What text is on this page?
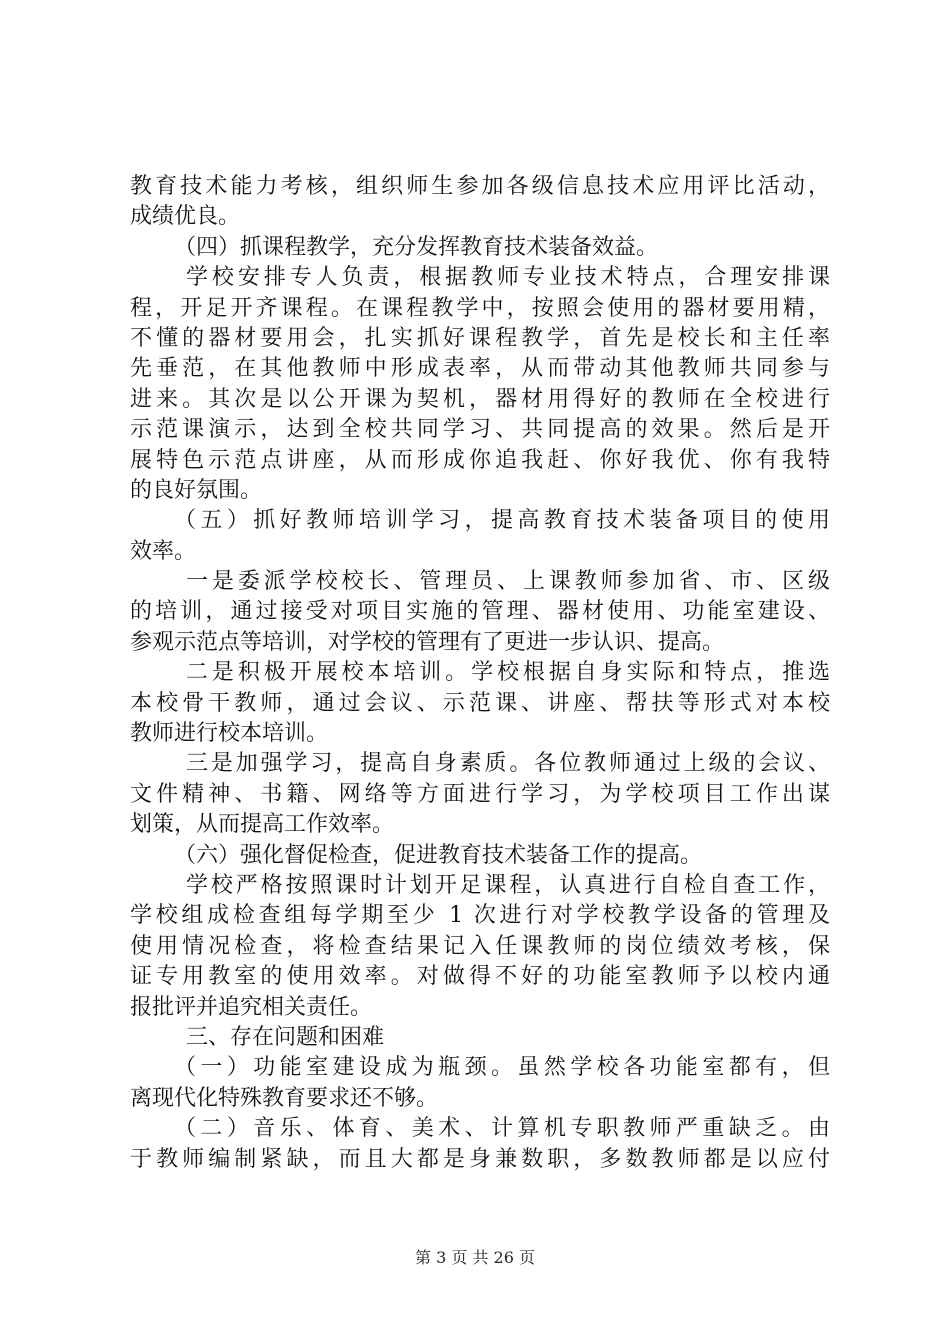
教育技术能力考核，组织师生参加各级信息技术应用评比活动，
成绩优良。
（四）抓课程教学，充分发挥教育技术装备效益。
学校安排专人负责，根据教师专业技术特点，合理安排课
程，开足开齐课程。在课程教学中，按照会使用的器材要用精，
不懂的器材要用会，扎实抓好课程教学，首先是校长和主任率
先垂范，在其他教师中形成表率，从而带动其他教师共同参与
进来。其次是以公开课为契机，器材用得好的教师在全校进行
示范课演示，达到全校共同学习、共同提高的效果。然后是开
展特色示范点讲座，从而形成你追我赶、你好我优、你有我特
的良好氛围。
（五）抓好教师培训学习，提高教育技术装备项目的使用
效率。
一是委派学校校长、管理员、上课教师参加省、市、区级
的培训，通过接受对项目实施的管理、器材使用、功能室建设、
参观示范点等培训，对学校的管理有了更进一步认识、提高。
二是积极开展校本培训。学校根据自身实际和特点，推选
本校骨干教师，通过会议、示范课、讲座、帮扶等形式对本校
教师进行校本培训。
三是加强学习，提高自身素质。各位教师通过上级的会议、
文件精神、书籍、网络等方面进行学习，为学校项目工作出谋
划策，从而提高工作效率。
（六）强化督促检查，促进教育技术装备工作的提高。
学校严格按照课时计划开足课程，认真进行自检自查工作，
学校组成检查组每学期至少 1 次进行对学校教学设备的管理及
使用情况检查，将检查结果记入任课教师的岗位绩效考核，保
证专用教室的使用效率。对做得不好的功能室教师予以校内通
报批评并追究相关责任。
三、存在问题和困难
（一）功能室建设成为瓶颈。虽然学校各功能室都有，但
离现代化特殊教育要求还不够。
（二）音乐、体育、美术、计算机专职教师严重缺乏。由
于教师编制紧缺，而且大都是身兼数职，多数教师都是以应付
第 3 页 共 26 页
